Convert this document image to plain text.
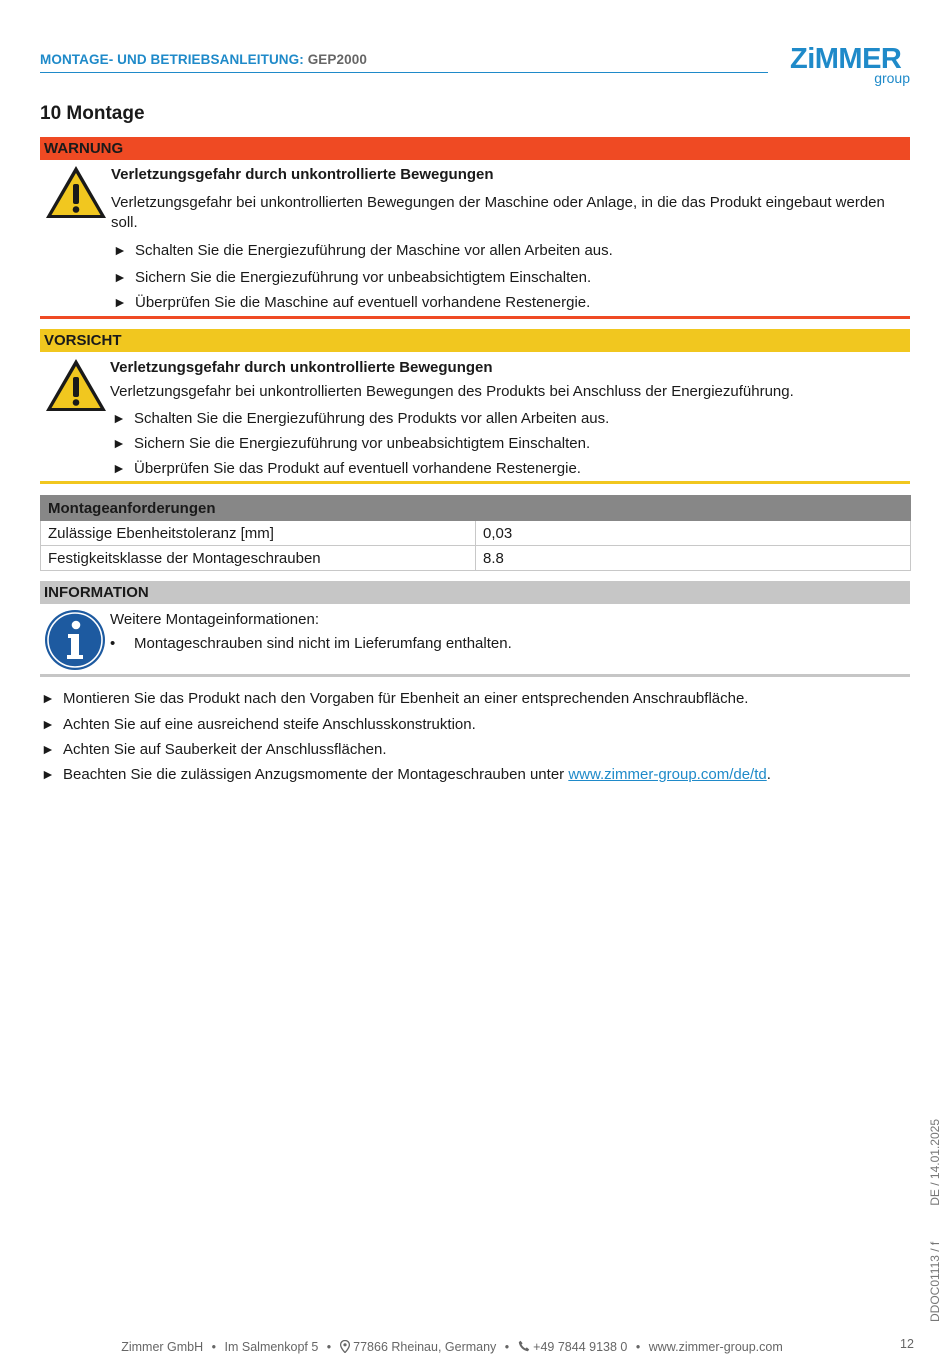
MONTAGE- UND BETRIEBSANLEITUNG: GEP2000	ZiMMER
group
10 Montage
WARNUNG
Verletzungsgefahr durch unkontrollierte Bewegungen
Verletzungsgefahr bei unkontrollierten Bewegungen der Maschine oder Anlage, in die das Produkt eingebaut werden soll.
► Schalten Sie die Energiezuführung der Maschine vor allen Arbeiten aus.
► Sichern Sie die Energiezuführung vor unbeabsichtigtem Einschalten.
► Überprüfen Sie die Maschine auf eventuell vorhandene Restenergie.
VORSICHT
Verletzungsgefahr durch unkontrollierte Bewegungen
Verletzungsgefahr bei unkontrollierten Bewegungen des Produkts bei Anschluss der Energiezuführung.
► Schalten Sie die Energiezuführung des Produkts vor allen Arbeiten aus.
► Sichern Sie die Energiezuführung vor unbeabsichtigtem Einschalten.
► Überprüfen Sie das Produkt auf eventuell vorhandene Restenergie.
Montageanforderungen	
Zulässige Ebenheitstoleranz [mm]	0,03
Festigkeitsklasse der Montageschrauben	8.8
INFORMATION
Weitere Montageinformationen:
• Montageschrauben sind nicht im Lieferumfang enthalten.
► Montieren Sie das Produkt nach den Vorgaben für Ebenheit an einer entsprechenden Anschraubfläche.
► Achten Sie auf eine ausreichend steife Anschlusskonstruktion.
► Achten Sie auf Sauberkeit der Anschlussflächen.
► Beachten Sie die zulässigen Anzugsmomente der Montageschrauben unter www.zimmer-group.com/de/td.
DDOC01113 / fDE / 14.01.2025
Zimmer GmbH • Im Salmenkopf 5 • 77866 Rheinau, Germany • +49 7844 9138 0 • www.zimmer-group.com	12
